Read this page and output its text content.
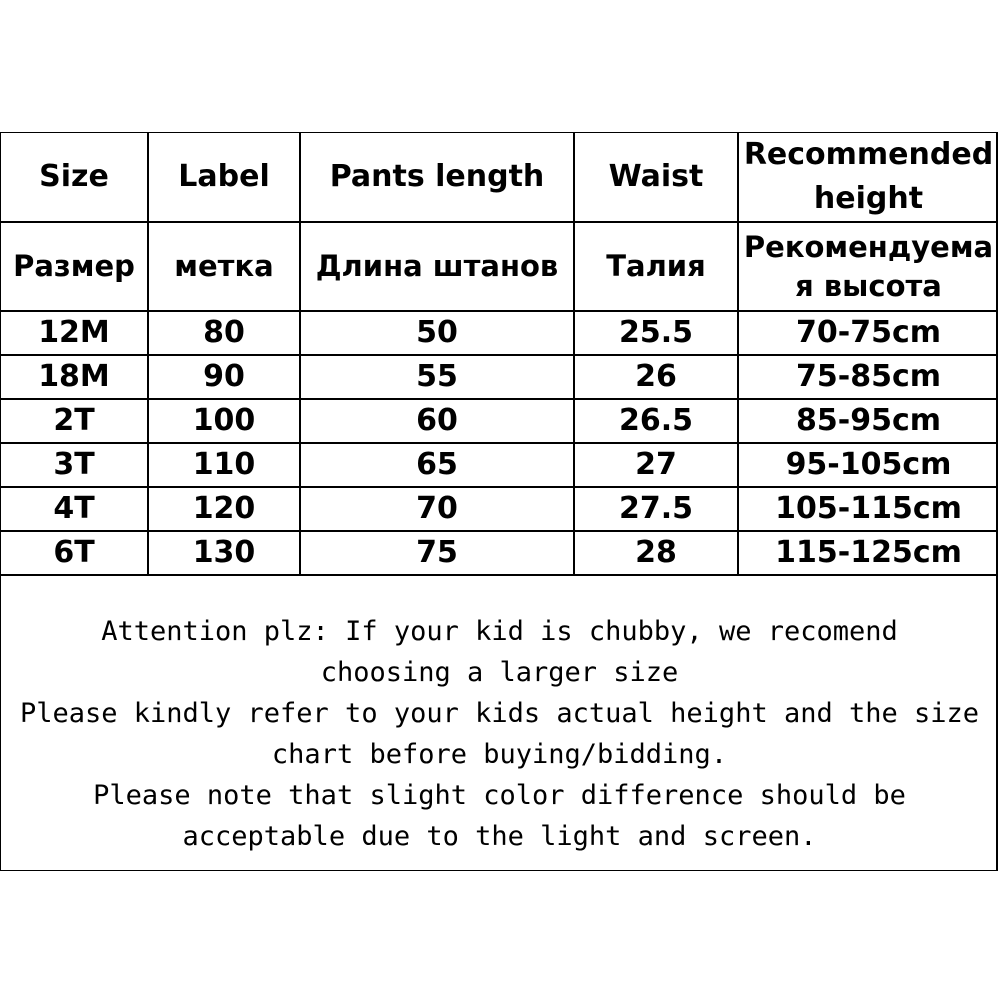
Size	Label	Pants length	Waist	Recommended height
Размер	метка	Длина штанов	Талия	Рекомендуемая высота
12M	80	50	25.5	70-75cm
18M	90	55	26	75-85cm
2T	100	60	26.5	85-95cm
3T	110	65	27	95-105cm
4T	120	70	27.5	105-115cm
6T	130	75	28	115-125cm

Attention plz: If your kid is chubby, we recomend choosing a larger size

Please kindly refer to your kids actual height and the size chart before buying/bidding.

Please note that slight color difference should be acceptable due to the light and screen.
